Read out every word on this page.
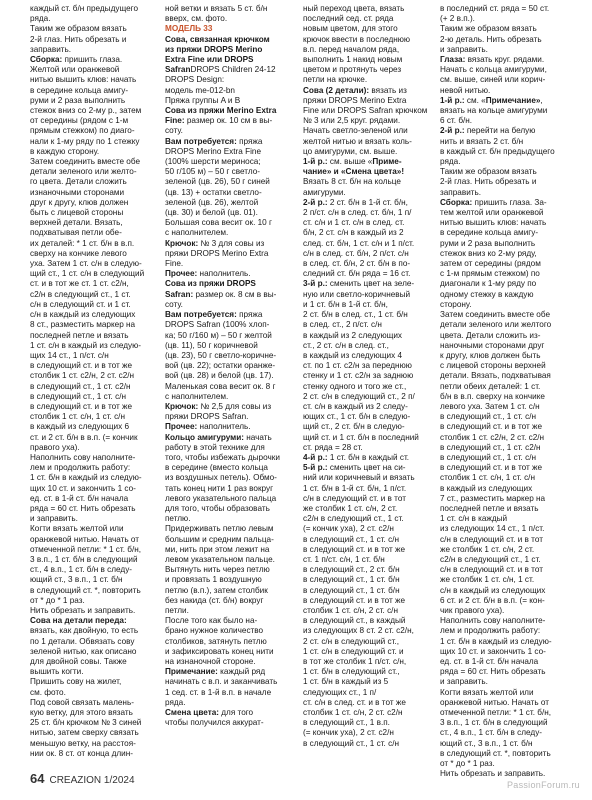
каждый ст. б/н предыдущего
ряда.
Таким же образом вязать
2-й глаз. Нить обрезать и
заправить.

Сборка: пришить глаза.
Желтой или оранжевой
нитью вышить клюв: начать
в середине кольца амигу-
руми и 2 раза выполнить
стежок вниз со 2-му р., затем
от середины (рядом с 1-м
прямым стежком) по диаго-
нали к 1-му ряду по 1 стежку
в каждую сторону.
Затем соединить вместе обе
детали зеленого или желто-
го цвета. Детали сложить
изнаночными сторонами
друг к другу, клюв должен
быть с лицевой стороны
верхней детали. Вязать,
подхватывая петли обе-
их деталей: * 1 ст. б/н в в.п.
сверху на кончике левого
уха. Затем 1 ст. с/н в следую-
щий ст., 1 ст. с/н в следующий
ст. и в тот же ст. 1 ст. с2/н,
с2/н в следующий ст., 1 ст.
с/н в следующий ст. и 1 ст.
с/н в каждый из следующих
8 ст., разместить маркер на
последней петле и вязать
1 ст. с/н в каждый из следую-
щих 14 ст., 1 п/ст. с/н
в следующий ст. и в тот же
столбик 1 ст. с2/н, 2 ст. с2/н
в следующий ст., 1 ст. с2/н
в следующий ст., 1 ст. с/н
в следующий ст. и в тот же
столбик 1 ст. с/н, 1 ст. с/н
в каждый из следующих 6
ст. и 2 ст. б/н в в.п. (= кончик
правого уха).
Наполнить сову наполните-
лем и продолжить работу:
1 ст. б/н в каждый из следую-
щих 10 ст. и закончить 1 со-
ед. ст. в 1-й ст. б/н начала
ряда = 60 ст. Нить обрезать
и заправить.
Когти вязать желтой или
оранжевой нитью. Начать от
отмеченной петли: * 1 ст. б/н,
3 в.п., 1 ст. б/н в следующий
ст., 4 в.п., 1 ст. б/н в следу-
ющий ст., 3 в.п., 1 ст. б/н
в следующий ст. *, повторить
от * до * 1 раз.
Нить обрезать и заправить.

Сова на детали переда:
вязать, как двойную, то есть
по 1 детали. Обвязать сову
зеленой нитью, как описано
для двойной совы. Также
вышить когти.
Пришить сову на жилет,
см. фото.
Под совой связать малень-
кую ветку, для этого вязать
25 ст. б/н крючком № 3 синей
нитью, затем сверху связать
меньшую ветку, на расстоя-
нии ок. 8 ст. от конца длин-

ной ветки и вязать 5 ст. б/н
вверх, см. фото.

МОДЕЛЬ 33

Сова, связанная крючком
из пряжи DROPS Merino
Extra Fine или DROPS
SafranDROPS Children 24-12
DROPS Design:
модель me-012-bn
Пряжа группы A и B

Сова из пряжи Merino Extra
Fine: размер ок. 10 см в вы-
соту.

Вам потребуется: пряжа
DROPS Merino Extra Fine
(100% шерсти мериноса;
50 г/105 м) – 50 г светло-
зеленой (цв. 26), 50 г синей
(цв. 13) + остатки светло-
зеленой (цв. 26), желтой
(цв. 30) и белой (цв. 01).
Большая сова весит ок. 10 г
с наполнителем.

Крючок: № 3 для совы из
пряжи DROPS Merino Extra
Fine.

Прочее: наполнитель.

Сова из пряжи DROPS
Safran: размер ок. 8 см в вы-
соту.

Вам потребуется: пряжа
DROPS Safran (100% хлоп-
ка; 50 г/160 м) – 50 г желтой
(цв. 11), 50 г коричневой
(цв. 23), 50 г светло-коричне-
вой (цв. 22); остатки оранже-
вой (цв. 28) и белой (цв. 17).
Маленькая сова весит ок. 8 г
с наполнителем.

Крючок: № 2,5 для совы из
пряжи DROPS Safran.

Прочее: наполнитель.

Кольцо амигуруми: начать
работу в этой технике для
того, чтобы избежать дырочки
в середине (вместо кольца
из воздушных петель). Обмо-
тать конец нити 1 раз вокруг
левого указательного пальца
для того, чтобы образовать
петлю.
Придерживать петлю левым
большим и средним пальца-
ми, нить при этом лежит на
левом указательном пальце.
Вытянуть нить через петлю
и провязать 1 воздушную
петлю (в.п.), затем столбик
без накида (ст. б/н) вокруг
петли.
После того как было на-
брано нужное количество
столбиков, затянуть петлю
и зафиксировать конец нити
на изнаночной стороне.

Примечание: каждый ряд
начинать с в.п. и заканчивать
1 сед. ст. в 1-й в.п. в начале
ряда.

Смена цвета: для того
чтобы получился аккурат-

ный переход цвета, вязать
последний сед. ст. ряда
новым цветом, для этого
крючок ввести в последнюю
в.п. перед началом ряда,
выполнить 1 накид новым
цветом и протянуть через
петли на крючке.

Сова (2 детали): вязать из
пряжи DROPS Merino Extra
Fine или DROPS Safran крючком
№ 3 или 2,5 круг. рядами.
Начать светло-зеленой или
желтой нитью и вязать коль-
цо амигуруми, см. выше.

1-й р.: см. выше «Приме-
чание» и «Смена цвета»!
Вязать 8 ст. б/н на кольце
амигуруми.

2-й р.: 2 ст. б/н в 1-й ст. б/н,
2 п/ст. с/н в след. ст. б/н, 1 п/
ст. с/н и 1 ст. с/н в след. ст.
б/н, 2 ст. с/н в каждый из 2
след. ст. б/н, 1 ст. с/н и 1 п/ст.
с/н в след. ст. б/н, 2 п/ст. с/н
в след. ст. б/н, 2 ст. б/н в по-
следний ст. б/н ряда = 16 ст.

3-й р.: сменить цвет на зеле-
ную или светло-коричневый
и 1 ст. б/н в 1-й ст. б/н,
2 ст. б/н в след. ст., 1 ст. б/н
в след. ст., 2 п/ст. с/н
в каждый из 2 следующих
ст., 2 ст. с/н в след. ст.,
в каждый из следующих 4
ст. по 1 ст. с2/н за переднюю
стенку и 1 ст. с2/н за заднюю
стенку одного и того же ст.,
2 ст. с/н в следующий ст., 2 п/
ст. с/н в каждый из 2 следу-
ющих ст., 1 ст. б/н в следую-
щий ст., 2 ст. б/н в следую-
щий ст. и 1 ст. б/н в последний
ст. ряда = 28 ст.

4-й р.: 1 ст. б/н в каждый ст.

5-й р.: сменить цвет на си-
ний или коричневый и вязать
1 ст. б/н в 1-й ст. б/н, 1 п/ст.
с/н в следующий ст. и в тот
же столбик 1 ст. с/н, 2 ст.
с2/н в следующий ст., 1 ст.
(= кончик уха), 2 ст. с2/н
в следующий ст., 1 ст. с/н
в следующий ст. и в тот же
ст. 1 п/ст. с/н, 1 ст. б/н
в следующий ст., 2 ст. б/н
в следующий ст., 1 ст. б/н
в следующий ст., 1 ст. б/н
в следующий ст. и в тот же
столбик 1 ст. с/н, 2 ст. с/н
в следующий ст., в каждый
из следующих 8 ст. 2 ст. с2/н,
2 ст. с/н в следующий ст.,
1 ст. с/н в следующий ст. и
в тот же столбик 1 п/ст. с/н,
1 ст. б/н в следующий ст.,
1 ст. б/н в каждый из 5
следующих ст., 1 п/
ст. с/н в след. ст. и в тот же
столбик 1 ст. с/н, 2 ст. с2/н
в следующий ст., 1 в.п.
(= кончик уха), 2 ст. с2/н
в следующий ст., 1 ст. с/н

в последний ст. ряда = 50 ст.
(+ 2 в.п.).
Таким же образом вязать
2-ю деталь. Нить обрезать
и заправить.

Глаза: вязать круг. рядами.
Начать с кольца амигуруми,
см. выше, синей или корич-
невой нитью.

1-й р.: см. «Примечание»,
вязать на кольце амигуруми
6 ст. б/н.

2-й р.: перейти на белую
нить и вязать 2 ст. б/н
в каждый ст. б/н предыдущего
ряда.
Таким же образом вязать
2-й глаз. Нить обрезать и
заправить.

Сборка: пришить глаза. За-
тем желтой или оранжевой
нитью вышить клюв: начать
в середине кольца амигу-
руми и 2 раза выполнить
стежок вниз ко 2-му ряду,
затем от середины (рядом
с 1-м прямым стежком) по
диагонали к 1-му ряду по
одному стежку в каждую
сторону.
Затем соединить вместе обе
детали зеленого или желтого
цвета. Детали сложить из-
наночными сторонами друг
к другу, клюв должен быть
с лицевой стороны верхней
детали. Вязать, подхватывая
петли обеих деталей: 1 ст.
б/н в в.п. сверху на кончике
левого уха. Затем 1 ст. с/н
в следующий ст., 1 ст. с/н
в следующий ст. и в тот же
столбик 1 ст. с2/н, 2 ст. с2/н
в следующий ст., 1 ст. с2/н
в следующий ст., 1 ст. с/н
в следующий ст. и в тот же
столбик 1 ст. с/н, 1 ст. с/н
в каждый из следующих
7 ст., разместить маркер на
последней петле и вязать
1 ст. с/н в каждый
из следующих 14 ст., 1 п/ст.
с/н в следующий ст. и в тот
же столбик 1 ст. с/н, 2 ст.
с2/н в следующий ст., 1 ст.
с/н в следующий ст. и в тот
же столбик 1 ст. с/н, 1 ст.
с/н в каждый из следующих
6 ст. и 2 ст. б/н в в.п. (= кон-
чик правого уха).
Наполнить сову наполните-
лем и продолжить работу:
1 ст. б/н в каждый из следую-
щих 10 ст. и закончить 1 со-
ед. ст. в 1-й ст. б/н начала
ряда = 60 ст. Нить обрезать
и заправить.
Когти вязать желтой или
оранжевой нитью. Начать от
отмеченной петли: * 1 ст. б/н,
3 в.п., 1 ст. б/н в следующий
ст., 4 в.п., 1 ст. б/н в следу-
ющий ст., 3 в.п., 1 ст. б/н
в следующий ст. *, повторить
от * до * 1 раз.
Нить обрезать и заправить.

64 CREAZION 1/2024	PassionForum.ru
